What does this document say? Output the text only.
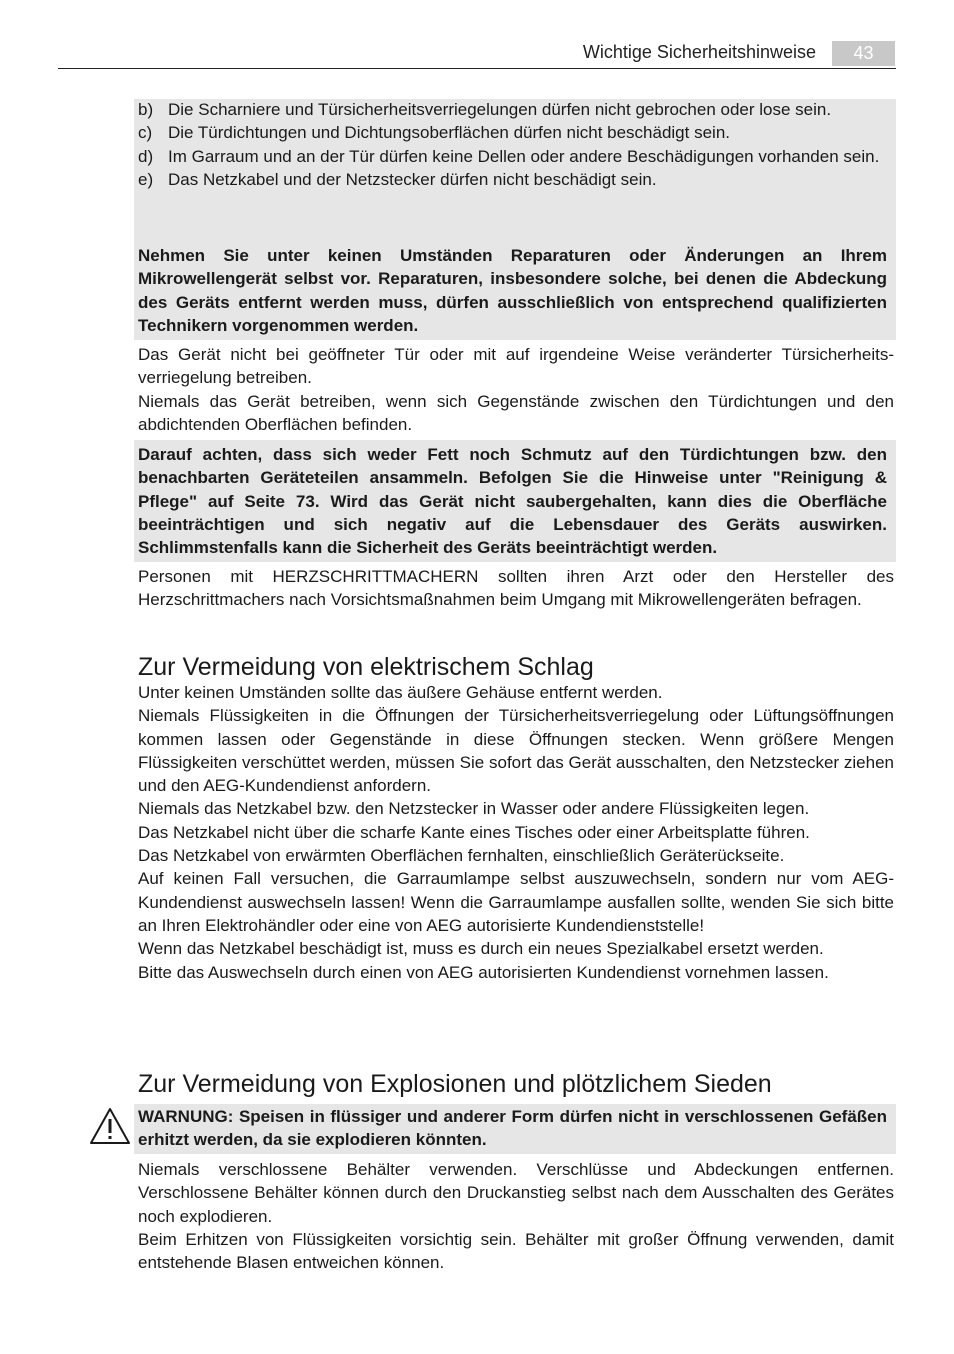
Wichtige Sicherheitshinweise	43
b) Die Scharniere und Türsicherheitsverriegelungen dürfen nicht gebrochen oder lose sein.
c) Die Türdichtungen und Dichtungsoberflächen dürfen nicht beschädigt sein.
d) Im Garraum und an der Tür dürfen keine Dellen oder andere Beschädigungen vorhanden sein.
e) Das Netzkabel und der Netzstecker dürfen nicht beschädigt sein.

Nehmen Sie unter keinen Umständen Reparaturen oder Änderungen an Ihrem Mikrowellengerät selbst vor. Reparaturen, insbesondere solche, bei denen die Abdeckung des Geräts entfernt werden muss, dürfen ausschließlich von entsprechend qualifizierten Technikern vorgenommen werden.

Das Gerät nicht bei geöffneter Tür oder mit auf irgendeine Weise veränderter Türsicherheits-verriegelung betreiben.

Niemals das Gerät betreiben, wenn sich Gegenstände zwischen den Türdichtungen und den abdichtenden Oberflächen befinden.

Darauf achten, dass sich weder Fett noch Schmutz auf den Türdichtungen bzw. den benachbarten Geräteteilen ansammeln. Befolgen Sie die Hinweise unter "Reinigung & Pflege" auf Seite 73. Wird das Gerät nicht saubergehalten, kann dies die Oberfläche beeinträchtigen und sich negativ auf die Lebensdauer des Geräts auswirken. Schlimmstenfalls kann die Sicherheit des Geräts beeinträchtigt werden.

Personen mit HERZSCHRITTMACHERN sollten ihren Arzt oder den Hersteller des Herzschrittmachers nach Vorsichtsmaßnahmen beim Umgang mit Mikrowellengeräten befragen.

Zur Vermeidung von elektrischem Schlag

Unter keinen Umständen sollte das äußere Gehäuse entfernt werden.

Niemals Flüssigkeiten in die Öffnungen der Türsicherheitsverriegelung oder Lüftungsöffnungen kommen lassen oder Gegenstände in diese Öffnungen stecken. Wenn größere Mengen Flüssigkeiten verschüttet werden, müssen Sie sofort das Gerät ausschalten, den Netzstecker ziehen und den AEG-Kundendienst anfordern.

Niemals das Netzkabel bzw. den Netzstecker in Wasser oder andere Flüssigkeiten legen.

Das Netzkabel nicht über die scharfe Kante eines Tisches oder einer Arbeitsplatte führen.

Das Netzkabel von erwärmten Oberflächen fernhalten, einschließlich Geräterückseite.

Auf keinen Fall versuchen, die Garraumlampe selbst auszuwechseln, sondern nur vom AEG-Kundendienst auswechseln lassen! Wenn die Garraumlampe ausfallen sollte, wenden Sie sich bitte an Ihren Elektrohändler oder eine von AEG autorisierte Kundendienststelle!

Wenn das Netzkabel beschädigt ist, muss es durch ein neues Spezialkabel ersetzt werden.

Bitte das Auswechseln durch einen von AEG autorisierten Kundendienst vornehmen lassen.

Zur Vermeidung von Explosionen und plötzlichem Sieden

WARNUNG: Speisen in flüssiger und anderer Form dürfen nicht in verschlossenen Gefäßen erhitzt werden, da sie explodieren könnten.

Niemals verschlossene Behälter verwenden. Verschlüsse und Abdeckungen entfernen. Verschlossene Behälter können durch den Druckanstieg selbst nach dem Ausschalten des Gerätes noch explodieren.

Beim Erhitzen von Flüssigkeiten vorsichtig sein. Behälter mit großer Öffnung verwenden, damit entstehende Blasen entweichen können.
